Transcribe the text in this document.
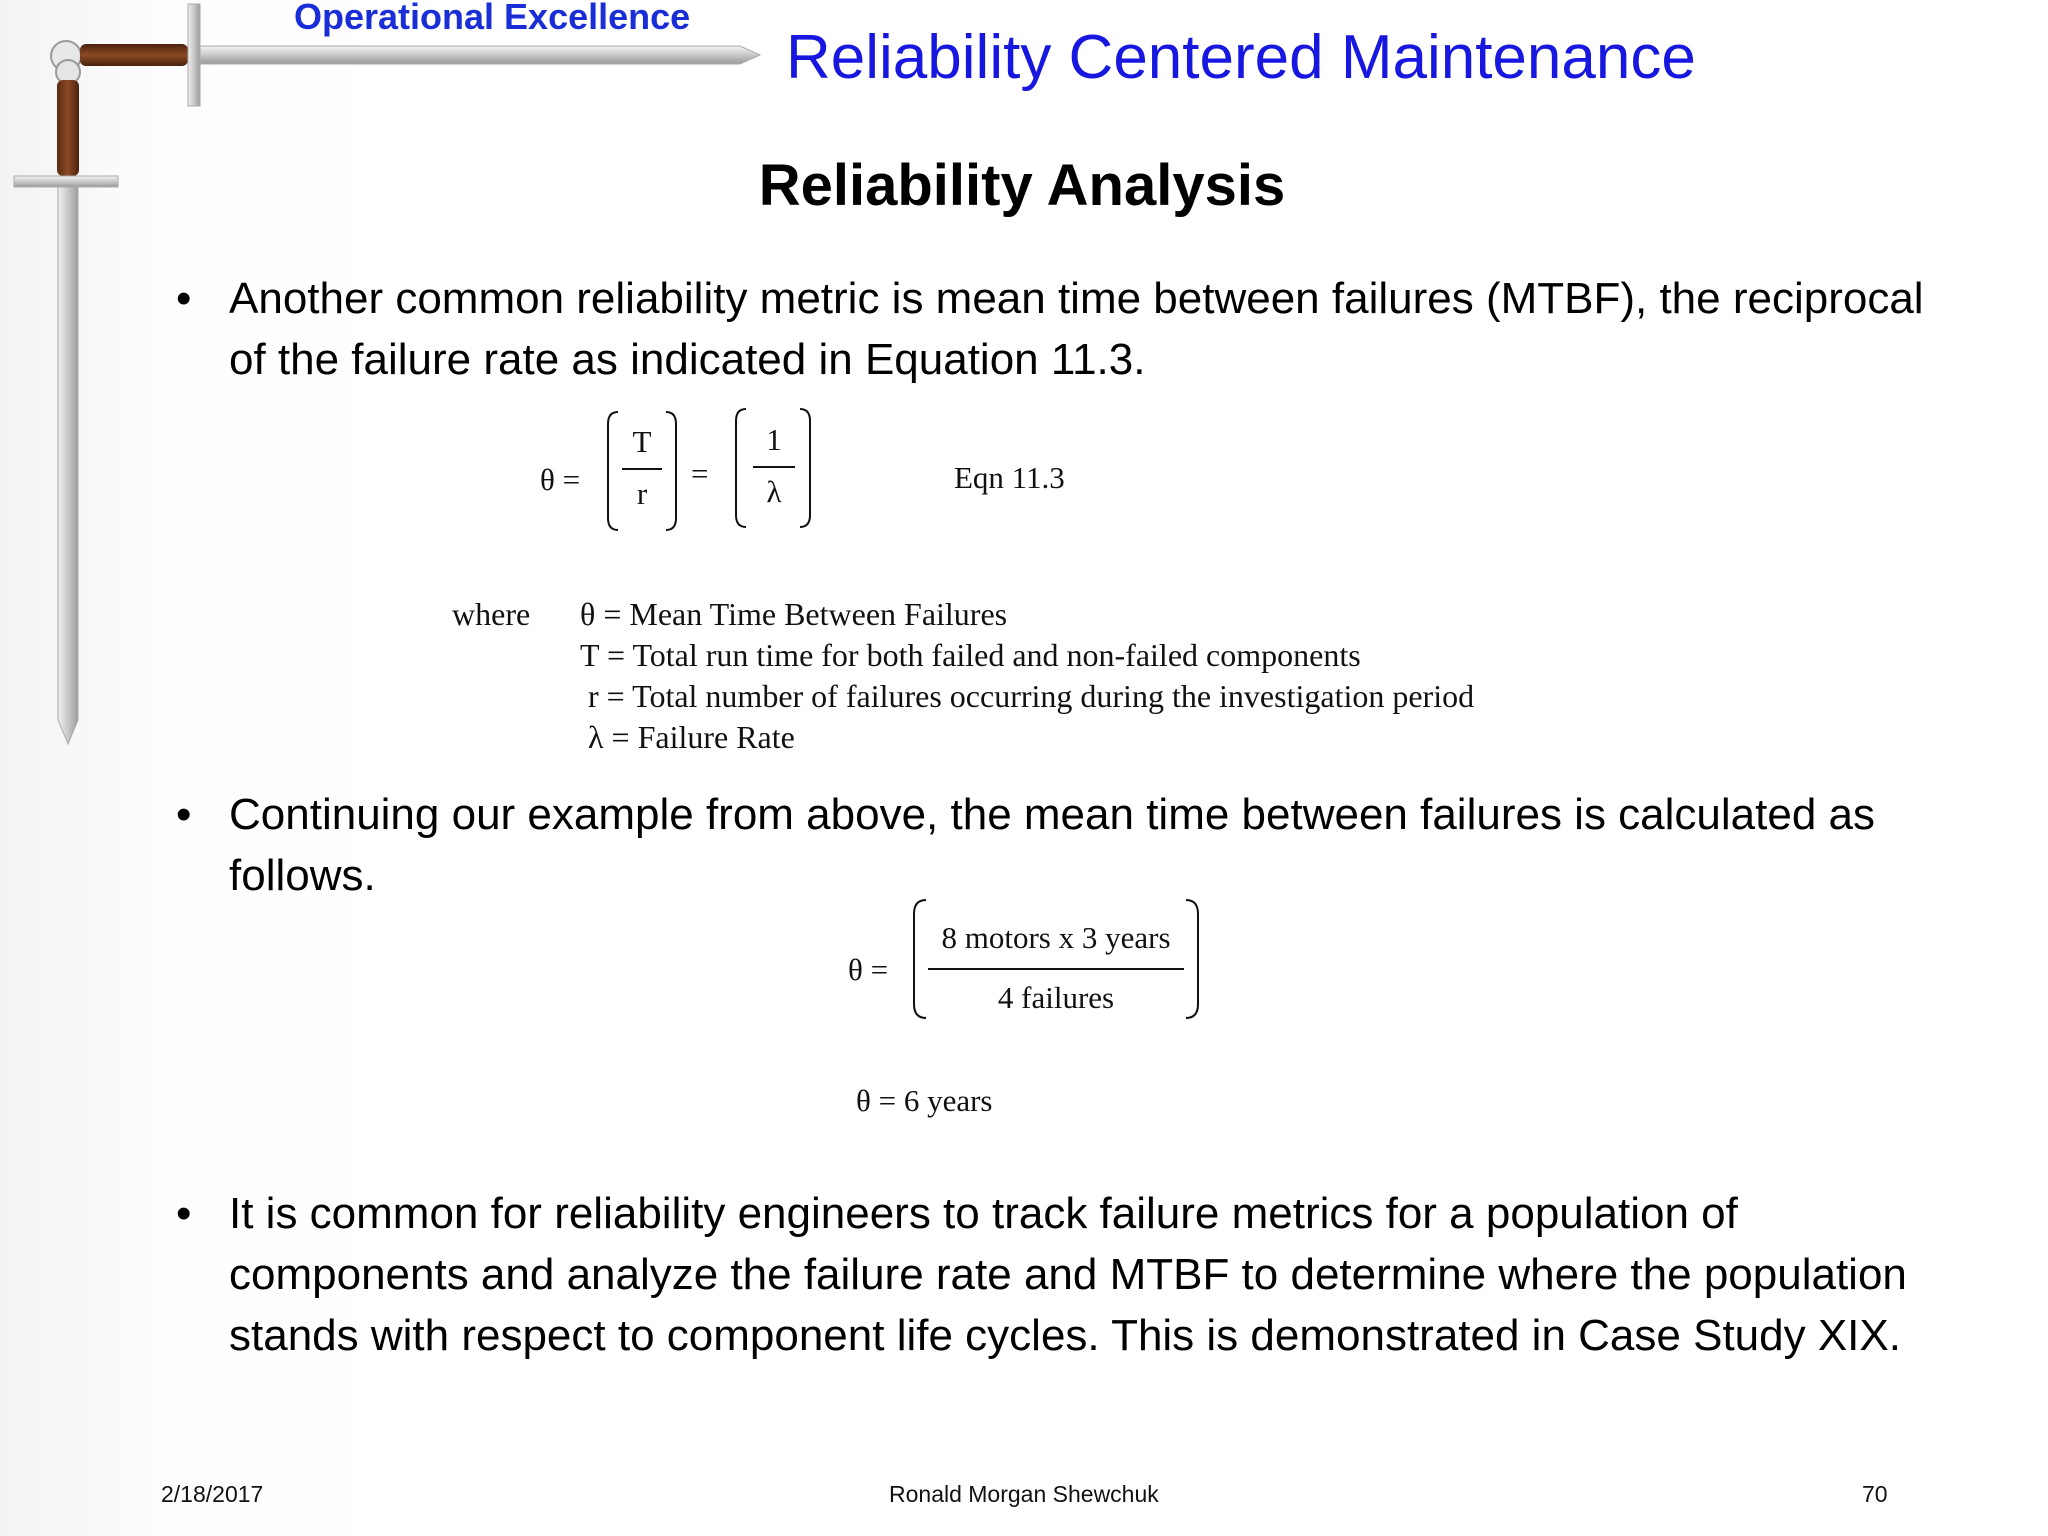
Operational Excellence
Reliability Centered Maintenance
Reliability Analysis
• Another common reliability metric is mean time between failures (MTBF), the reciprocal of the failure rate as indicated in Equation 11.3.
θ =
T
r
=
1
λ	Eqn 11.3
where θ = Mean Time Between Failures
T = Total run time for both failed and non-failed components
r = Total number of failures occurring during the investigation period
λ = Failure Rate
• Continuing our example from above, the mean time between failures is calculated as follows.
θ =
8 motors x 3 years
4 failures
θ = 6 years
• It is common for reliability engineers to track failure metrics for a population of components and analyze the failure rate and MTBF to determine where the population stands with respect to component life cycles. This is demonstrated in Case Study XIX.
2/18/2017	Ronald Morgan Shewchuk	70
